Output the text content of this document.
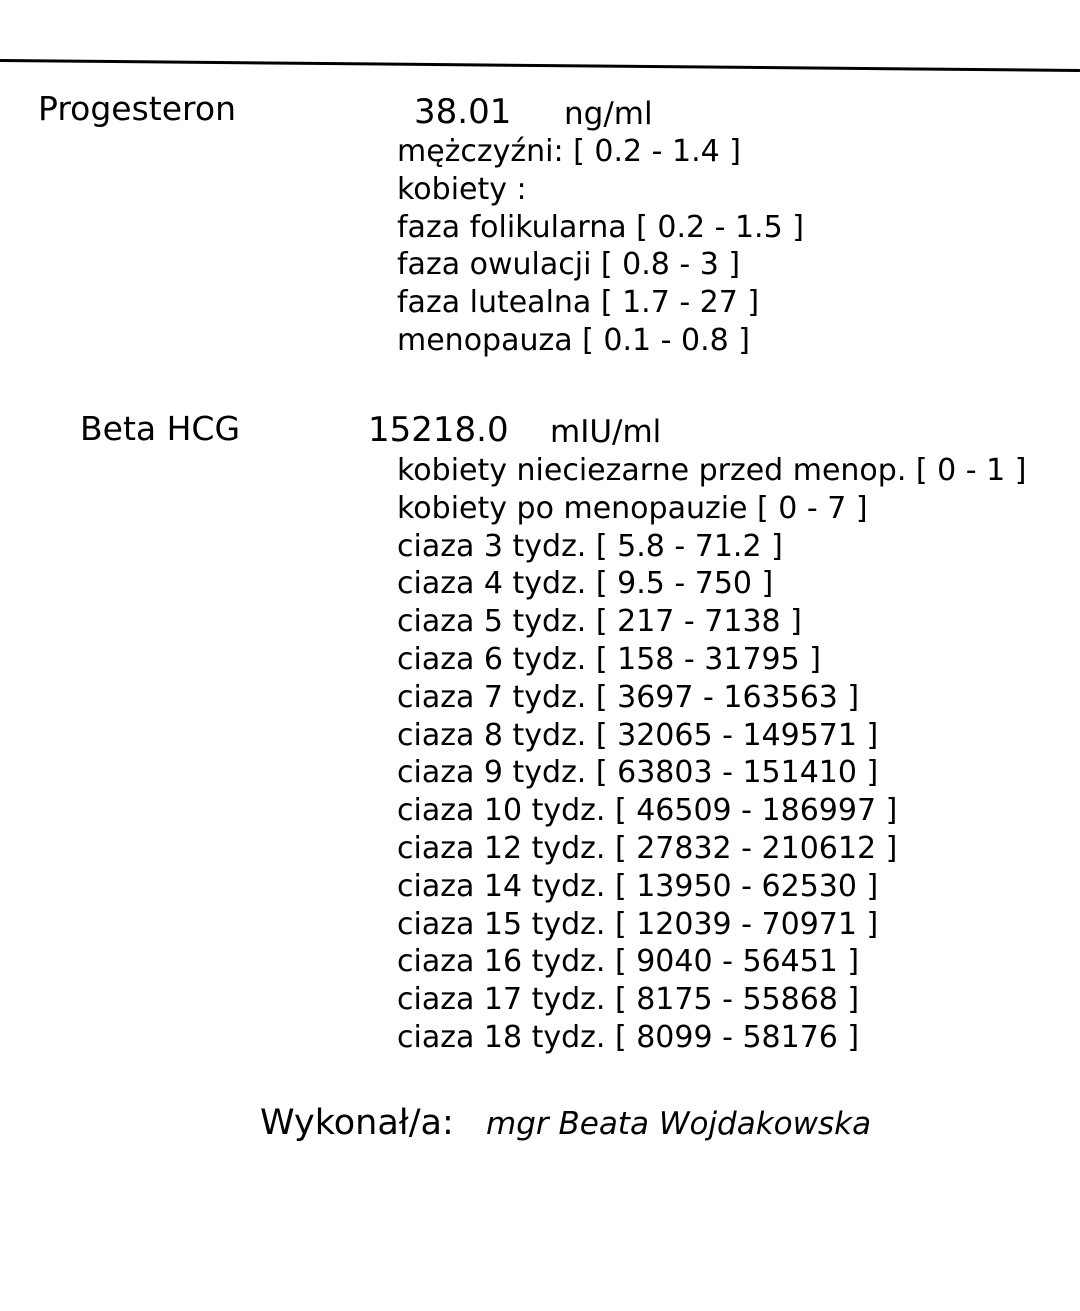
Progesteron	38.01 ng/ml
mężczyźni: [ 0.2 - 1.4 ]
kobiety :
faza folikularna [ 0.2 - 1.5 ]
faza owulacji [ 0.8 - 3 ]
faza lutealna [ 1.7 - 27 ]
menopauza [ 0.1 - 0.8 ]
Beta HCG	15218.0 mIU/ml
kobiety nieciezarne przed menop. [ 0 - 1 ]
kobiety po menopauzie [ 0 - 7 ]
ciaza 3 tydz. [ 5.8 - 71.2 ]
ciaza 4 tydz. [ 9.5 - 750 ]
ciaza 5 tydz. [ 217 - 7138 ]
ciaza 6 tydz. [ 158 - 31795 ]
ciaza 7 tydz. [ 3697 - 163563 ]
ciaza 8 tydz. [ 32065 - 149571 ]
ciaza 9 tydz. [ 63803 - 151410 ]
ciaza 10 tydz. [ 46509 - 186997 ]
ciaza 12 tydz. [ 27832 - 210612 ]
ciaza 14 tydz. [ 13950 - 62530 ]
ciaza 15 tydz. [ 12039 - 70971 ]
ciaza 16 tydz. [ 9040 - 56451 ]
ciaza 17 tydz. [ 8175 - 55868 ]
ciaza 18 tydz. [ 8099 - 58176 ]
Wykonał/a: mgr Beata Wojdakowska
